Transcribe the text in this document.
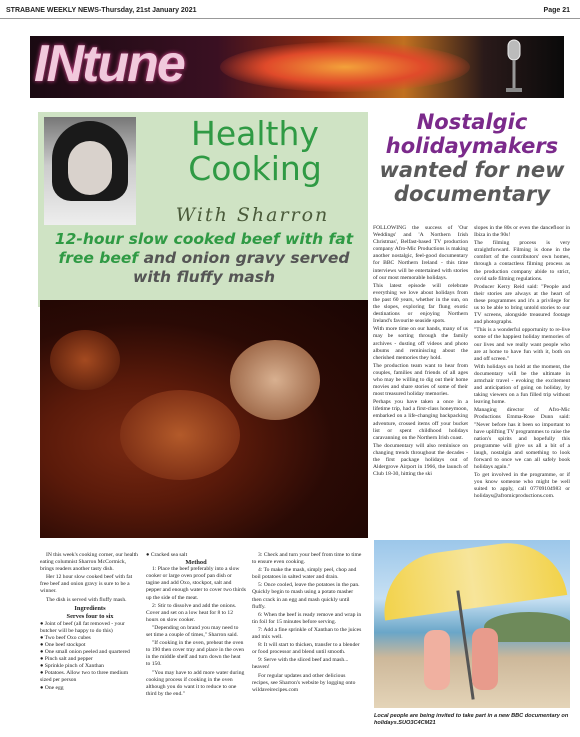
STRABANE WEEKLY NEWS-Thursday, 21st January 2021	Page 21
INtune
Healthy
Cooking
With Sharron
12-hour slow cooked beef with fat free beef and onion gravy served with fluffy mash

IN this week's cooking corner, our health eating columnist Sharron McCormick, brings readers another tasty dish.

Her 12 hour slow cooked beef with fat free beef and onion gravy is sure to be a winner.

The dish is served with fluffy mash.

Ingredients
Serves four to six
● Joint of beef (all fat removed - your butcher will be happy to do this)
● Two beef Oxo cubes
● One beef stockpot
● One small onion peeled and quartered
● Pinch salt and pepper
● Sprinkle pinch of Xanthan
● Potatoes. Allow two to three medium sized per person
● One egg
● Cracked sea salt
Method

1: Place the beef preferably into a slow cooker or large oven proof pan dish or tagine and add Oxo, stockpot, salt and pepper and enough water to cover two thirds up the side of the meat.

2: Stir to dissolve and add the onions. Cover and set on a low heat for 8 to 12 hours on slow cooker.

"Depending on brand you may need to set time a couple of times," Sharron said.

"If cooking in the oven, preheat the oven to 190 then cover tray and place in the oven in the middle shelf and turn down the heat to 150.

"You may have to add more water during cooking process if cooking in the oven although you do want it to reduce to one third by the end."

3: Check and turn your beef from time to time to ensure even cooking.

4: To make the mash, simply peel, chop and boil potatoes in salted water and drain.

5: Once cooled, leave the potatoes in the pan. Quickly begin to mash using a potato masher then crack in an egg and mash quickly until fluffy.

6: When the beef is ready remove and wrap in tin foil for 15 minutes before serving.

7: Add a fine sprinkle of Xanthan to the juices and mix well.

8: It will start to thicken, transfer to a blender or food processor and blend until smooth.

9: Serve with the sliced beef and mash... heaven!

For regular updates and other delicious recipes, see Sharron's website by logging onto wildaveirecipes.com

Nostalgic holidaymakers
wanted for new documentary

FOLLOWING the success of 'Our Weddings' and 'A Northern Irish Christmas', Belfast-based TV production company Afro-Mic Productions is making another nostalgic, feel-good documentary for BBC Northern Ireland - this time interviews will be entertained with stories of our most memorable holidays.

This latest episode will celebrate everything we love about holidays from the past 60 years, whether in the sun, on the slopes, exploring far flung exotic destinations or enjoying Northern Ireland's favourite seaside spots.

With more time on our hands, many of us may be sorting through the family archives - dusting off videos and photo albums and reminiscing about the cherished memories they hold.

The production team want to hear from couples, families and friends of all ages who may be willing to dig out their home movies and share stories of some of their most treasured holiday memories.

Perhaps you have taken a once in a lifetime trip, had a first-class honeymoon, embarked on a life-changing backpacking adventure, crossed items off your bucket list or spent childhood holidays caravanning on the Northern Irish coast.

The documentary will also reminisce on changing trends throughout the decades - the first package holidays out of Aldergrove Airport in 1966, the launch of Club 18-30, hitting the ski

slopes in the 80s or even the dancefloor in Ibiza in the 90s!

The filming process is very straightforward. Filming is done in the comfort of the contributors' own homes, through a contactless filming process as the production company abide to strict, covid safe filming regulations.

Producer Kerry Reid said: "People and their stories are always at the heart of these programmes and it's a privilege for us to be able to bring untold stories to our TV screens, alongside treasured footage and photographs.

"This is a wonderful opportunity to re-live some of the happiest holiday memories of our lives and we really want people who are at home to have fun with it, both on and off screen."

With holidays on hold at the moment, the documentary will be the ultimate in armchair travel - evoking the excitement and anticipation of going on holiday, by taking viewers on a fun filled trip without leaving home.

Managing director of Afro-Mic Productions Emma-Rose Dunn said: "Never before has it been so important to have uplifting TV programmes to raise the nation's spirits and hopefully this programme will give us all a bit of a laugh, nostalgia and something to look forward to once we can all safely book holidays again."

To get involved in the programme, or if you know someone who might be well suited to apply, call 07709104983 or holidays@afromicproductions.com.

Local people are being invited to take part in a new BBC documentary on holidays.SUO3C4CM21
